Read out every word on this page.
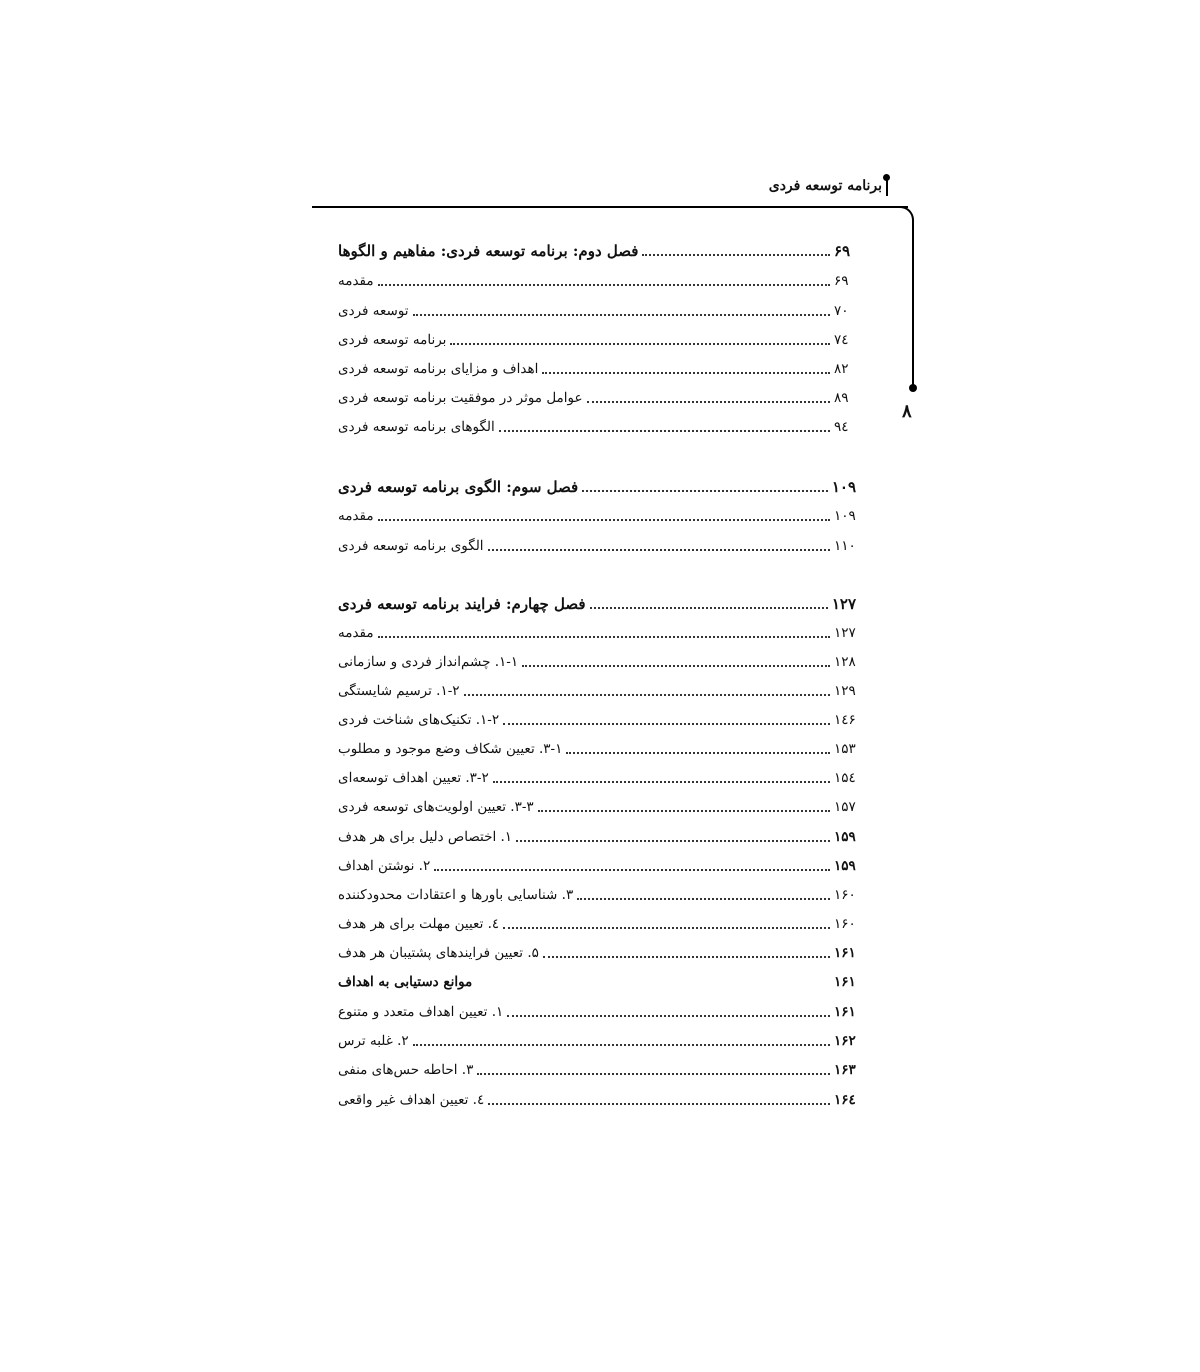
برنامه توسعه فردی
۸
فصل دوم: برنامه توسعه فردی: مفاهیم و الگوها	۶۹
مقدمه	۶۹
توسعه فردی	۷۰
برنامه توسعه فردی	۷٤
اهداف و مزایای برنامه توسعه فردی	۸۲
عوامل موثر در موفقیت برنامه توسعه فردی	۸۹
الگوهای برنامه توسعه فردی	۹٤
فصل سوم: الگوی برنامه توسعه فردی	۱۰۹
مقدمه	۱۰۹
الگوی برنامه توسعه فردی	۱۱۰
فصل چهارم: فرایند برنامه توسعه فردی	۱۲۷
مقدمه	۱۲۷
۱-۱. چشم‌انداز فردی و سازمانی	۱۲۸
۱-۲. ترسیم شایستگی	۱۲۹
۱-۲. تکنیک‌های شناخت فردی	۱٤۶
۳-۱. تعیین شکاف وضع موجود و مطلوب	۱۵۳
۳-۲. تعیین اهداف توسعه‌ای	۱۵٤
۳-۳. تعیین اولویت‌های توسعه فردی	۱۵۷
۱. اختصاص دلیل برای هر هدف	۱۵۹
۲. نوشتن اهداف	۱۵۹
۳. شناسایی باورها و اعتقادات محدودکننده	۱۶۰
٤. تعیین مهلت برای هر هدف	۱۶۰
۵. تعیین فرایندهای پشتیبان هر هدف	۱۶۱
موانع دستیابی به اهداف	۱۶۱
۱. تعیین اهداف متعدد و متنوع	۱۶۱
۲. غلبه ترس	۱۶۲
۳. احاطه حس‌های منفی	۱۶۳
٤. تعیین اهداف غیر واقعی	۱۶٤
